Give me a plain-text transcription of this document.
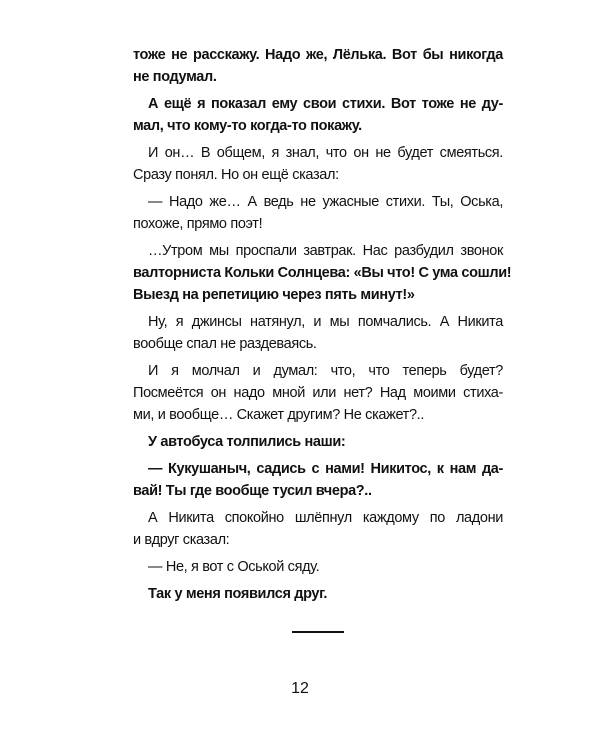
тоже не расскажу. Надо же, Лёлька. Вот бы никогда
не подумал.
А ещё я показал ему свои стихи. Вот тоже не ду-
мал, что кому-то когда-то покажу.
И он… В общем, я знал, что он не будет смеяться.
Сразу понял. Но он ещё сказал:
— Надо же… А ведь не ужасные стихи. Ты, Оська,
похоже, прямо поэт!
…Утром мы проспали завтрак. Нас разбудил звонок
валторниста Кольки Солнцева: «Вы что! С ума сошли!
Выезд на репетицию через пять минут!»
Ну, я джинсы натянул, и мы помчались. А Никита
вообще спал не раздеваясь.
И я молчал и думал: что, что теперь будет?
Посмеётся он надо мной или нет? Над моими стиха-
ми, и вообще… Скажет другим? Не скажет?..
У автобуса толпились наши:
— Кукушаныч, садись с нами! Никитос, к нам да-
вай! Ты где вообще тусил вчера?..
А Никита спокойно шлёпнул каждому по ладони
и вдруг сказал:
— Не, я вот с Оськой сяду.
Так у меня появился друг.
12
